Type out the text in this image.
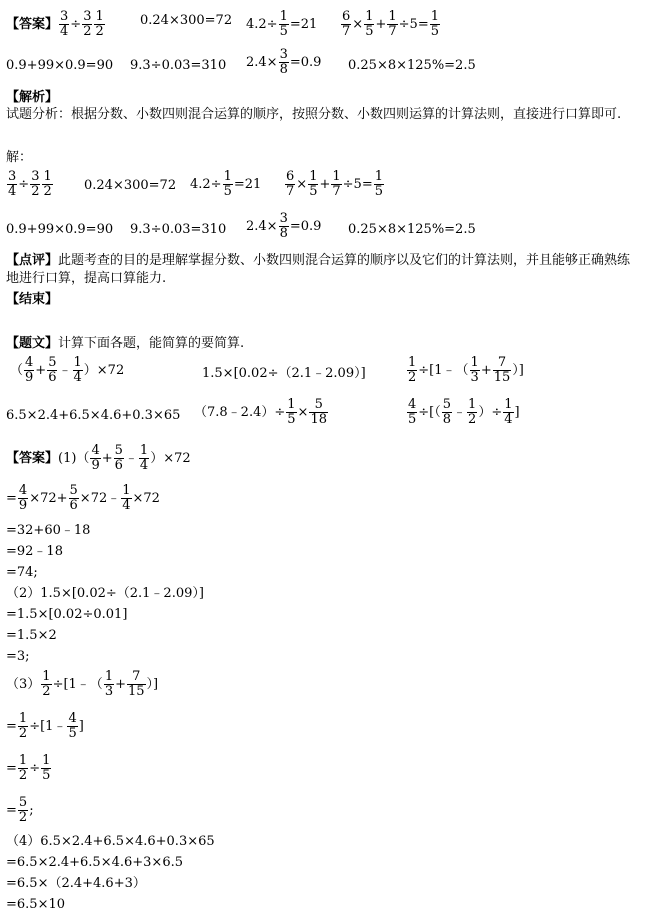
【答案】 $\frac{3}{4} \div \frac{3}{2} \frac{1}{2}$	0.24×300=72 $4.2\div \frac{1}{5} =21 \frac{6}{7} \times \frac{1}{5} + \frac{1}{7} \div 5= \frac{1}{5}$
0.9+99×0.9=90 9.3÷0.03=310 $2.4\times \frac{3}{8} =0.9$ 0.25×8×125%=2.5
【解析】
试题分析：根据分数、小数四则混合运算的顺序，按照分数、小数四则运算的计算法则，直接进行口算即可.
解：
$\frac{3}{4} \div \frac{3}{2} \frac{1}{2} 0.24\times 300=72$ $4.2\div \frac{1}{5} =21 \frac{6}{7} \times \frac{1}{5} + \frac{1}{7} \div 5= \frac{1}{5}$
0.9+99×0.9=90 9.3÷0.03=310 $2.4\times \frac{3}{8} =0.9$ 0.25×8×125%=2.5
【点评】此题考查的目的是理解掌握分数、小数四则混合运算的顺序以及它们的计算法则，并且能够正确熟练地进行口算，提高口算能力.
【结束】
【题文】计算下面各题，能简算的要简算.
（ $\frac{4}{9} + \frac{5}{6}$ ﹣ $\frac{1}{4} )\times 72$	1.5×[0.02÷（2.1﹣2.09）]	$\frac{1}{2}$ ÷[1﹣（ $\frac{1}{3} + \frac{7}{15}$ ）]
6.5×2.4+6.5×4.6+0.3×65 （7.8﹣2.4）÷ $\frac{1}{5} \times \frac{5}{18}$	$\frac{4}{5}$ ÷[（ $\frac{5}{8}$ ﹣ $\frac{1}{2}$ ）÷ $\frac{1}{4}$ ]
【答案】$(1)( \frac{4}{9} + \frac{5}{6}$ ﹣ $\frac{1}{4} )\times 72$
= $\frac{4}{9} \times 72+ \frac{5}{6}$ ×72﹣ $\frac{1}{4} \times 72$
=32+60﹣18
=92﹣18
=74;
（2）1.5×[0.02÷（2.1﹣2.09）]
=1.5×[0.02÷0.01]
=1.5×2
=3;
$(3) \frac{1}{2}$ ÷[1﹣（ $\frac{1}{3} + \frac{7}{15}$ ）]
= $\frac{1}{2}$ ÷[1﹣ $\frac{4}{5}$ ]
= $\frac{1}{2} \div \frac{1}{5}$
= $\frac{5}{2}$ ;
（4）6.5×2.4+6.5×4.6+0.3×65
=6.5×2.4+6.5×4.6+3×6.5
=6.5×（2.4+4.6+3）
=6.5×10
